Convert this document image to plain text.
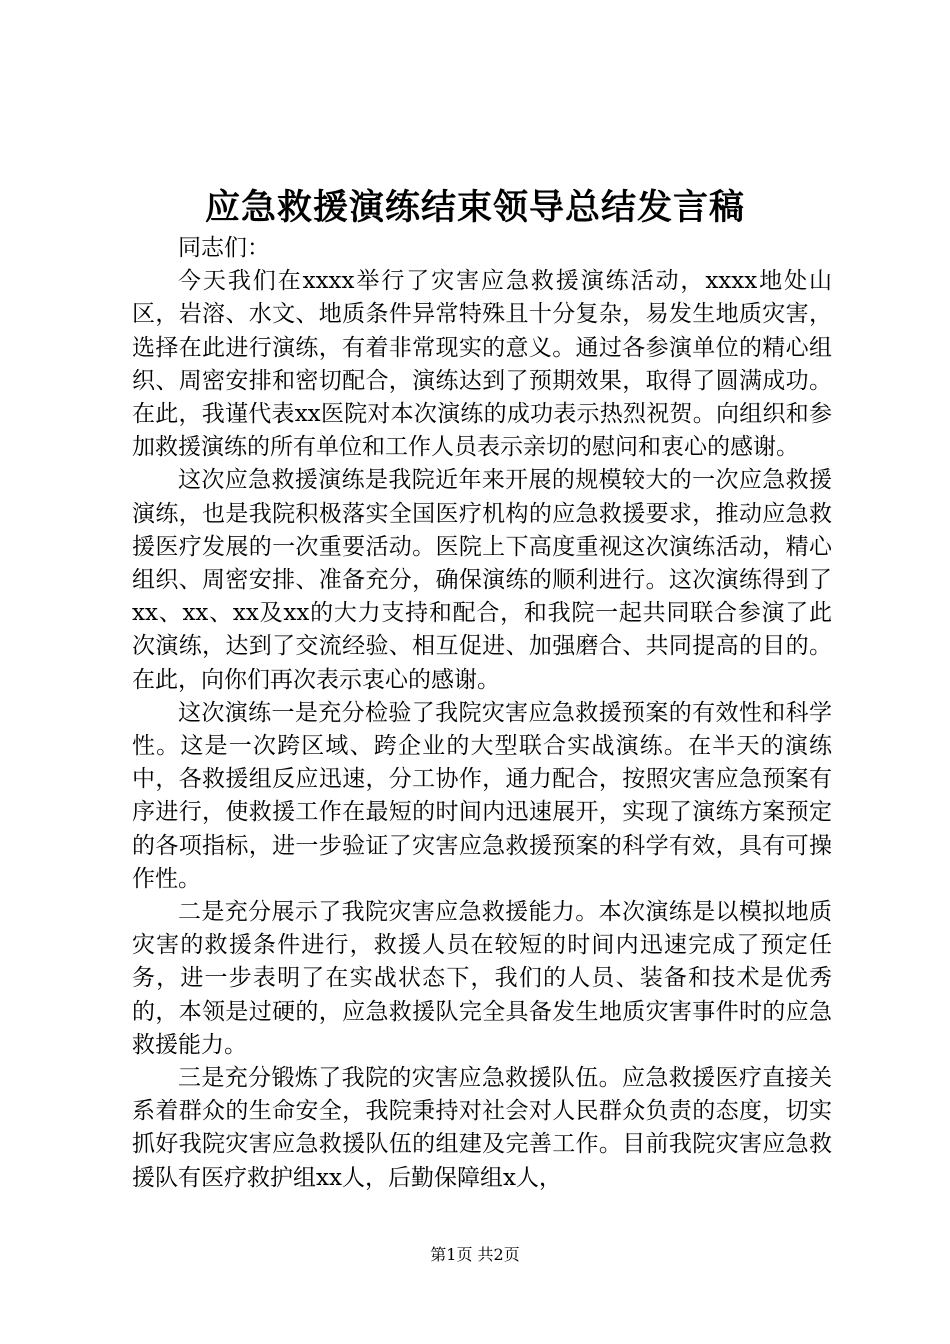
应急救援演练结束领导总结发言稿

同志们：

今天我们在xxxx举行了灾害应急救援演练活动，xxxx地处山区，岩溶、水文、地质条件异常特殊且十分复杂，易发生地质灾害，选择在此进行演练，有着非常现实的意义。通过各参演单位的精心组织、周密安排和密切配合，演练达到了预期效果，取得了圆满成功。在此，我谨代表xx医院对本次演练的成功表示热烈祝贺。向组织和参加救援演练的所有单位和工作人员表示亲切的慰问和衷心的感谢。

这次应急救援演练是我院近年来开展的规模较大的一次应急救援演练，也是我院积极落实全国医疗机构的应急救援要求，推动应急救援医疗发展的一次重要活动。医院上下高度重视这次演练活动，精心组织、周密安排、准备充分，确保演练的顺利进行。这次演练得到了xx、xx、xx及xx的大力支持和配合，和我院一起共同联合参演了此次演练，达到了交流经验、相互促进、加强磨合、共同提高的目的。在此，向你们再次表示衷心的感谢。

这次演练一是充分检验了我院灾害应急救援预案的有效性和科学性。这是一次跨区域、跨企业的大型联合实战演练。在半天的演练中，各救援组反应迅速，分工协作，通力配合，按照灾害应急预案有序进行，使救援工作在最短的时间内迅速展开，实现了演练方案预定的各项指标，进一步验证了灾害应急救援预案的科学有效，具有可操作性。

二是充分展示了我院灾害应急救援能力。本次演练是以模拟地质灾害的救援条件进行，救援人员在较短的时间内迅速完成了预定任务，进一步表明了在实战状态下，我们的人员、装备和技术是优秀的，本领是过硬的，应急救援队完全具备发生地质灾害事件时的应急救援能力。

三是充分锻炼了我院的灾害应急救援队伍。应急救援医疗直接关系着群众的生命安全，我院秉持对社会对人民群众负责的态度，切实抓好我院灾害应急救援队伍的组建及完善工作。目前我院灾害应急救援队有医疗救护组xx人，后勤保障组x人，

第1页 共2页
